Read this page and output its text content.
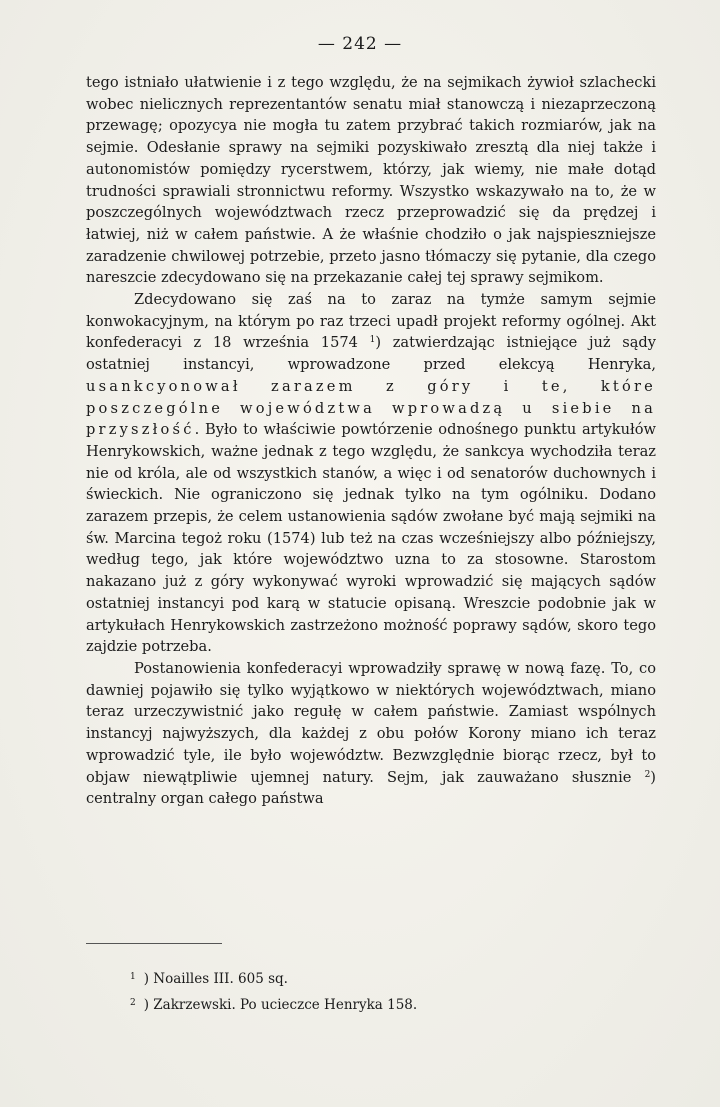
— 242 —

tego istniało ułatwienie i z tego względu, że na sejmikach żywioł szlachecki wobec nielicznych reprezentantów senatu miał stanowczą i niezaprzeczoną przewagę; opozycya nie mogła tu zatem przybrać takich rozmiarów, jak na sejmie. Odesłanie sprawy na sejmiki pozyskiwało zresztą dla niej także i autonomistów pomiędzy rycerstwem, którzy, jak wiemy, nie małe dotąd trudności sprawiali stronnictwu reformy. Wszystko wskazywało na to, że w poszczególnych województwach rzecz przeprowadzić się da prędzej i łatwiej, niż w całem państwie. A że właśnie chodziło o jak najspieszniejsze zaradzenie chwilowej potrzebie, przeto jasno tłómaczy się pytanie, dla czego nareszcie zdecydowano się na przekazanie całej tej sprawy sejmikom.

Zdecydowano się zaś na to zaraz na tymże samym sejmie konwokacyjnym, na którym po raz trzeci upadł projekt reformy ogólnej. Akt konfederacyi z 18 września 1574 $^1$) zatwierdzając istniejące już sądy ostatniej instancyi, wprowadzone przed elekcyą Henryka, usankcyonował zarazem z góry i te, które poszczególne województwa wprowadzą u siebie na przyszłość. Było to właściwie powtórzenie odnośnego punktu artykułów Henrykowskich, ważne jednak z tego względu, że sankcya wychodziła teraz nie od króla, ale od wszystkich stanów, a więc i od senatorów duchownych i świeckich. Nie ograniczono się jednak tylko na tym ogólniku. Dodano zarazem przepis, że celem ustanowienia sądów zwołane być mają sejmiki na św. Marcina tegoż roku (1574) lub też na czas wcześniejszy albo późniejszy, według tego, jak które województwo uzna to za stosowne. Starostom nakazano już z góry wykonywać wyroki wprowadzić się mających sądów ostatniej instancyi pod karą w statucie opisaną. Wreszcie podobnie jak w artykułach Henrykowskich zastrzeżono możność poprawy sądów, skoro tego zajdzie potrzeba.

Postanowienia konfederacyi wprowadziły sprawę w nową fazę. To, co dawniej pojawiło się tylko wyjątkowo w niektórych województwach, miano teraz urzeczywistnić jako regułę w całem państwie. Zamiast wspólnych instancyj najwyższych, dla każdej z obu połów Korony miano ich teraz wprowadzić tyle, ile było województw. Bezwzględnie biorąc rzecz, był to objaw niewątpliwie ujemnej natury. Sejm, jak zauważano słusznie $^2$) centralny organ całego państwa

$^1$ ) Noailles III. 605 sq.
$^2$ ) Zakrzewski. Po ucieczce Henryka 158.
